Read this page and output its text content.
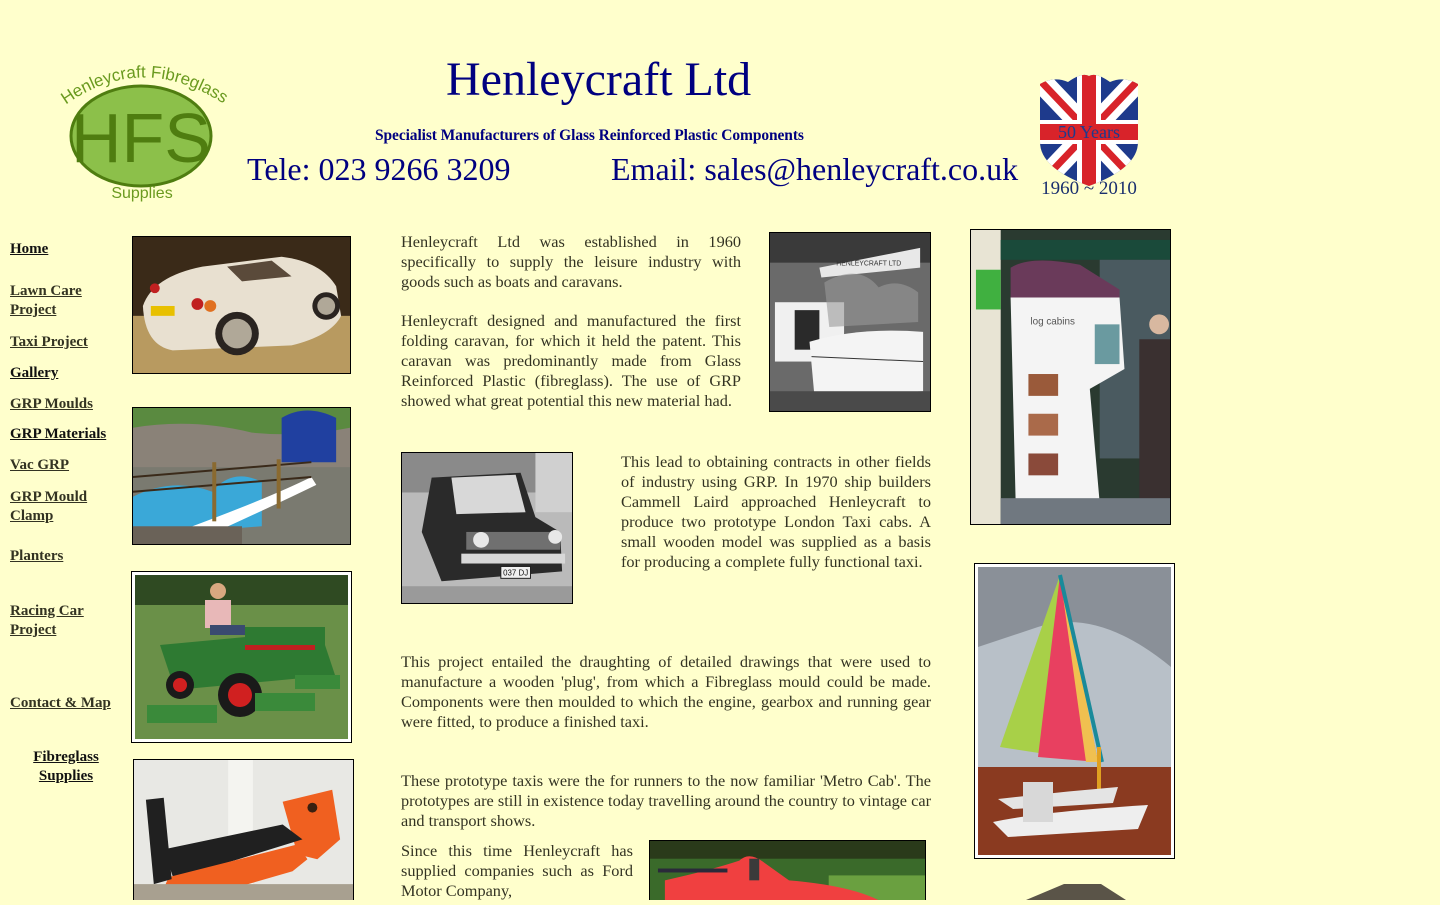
Henleycraft Fibreglass
HFS
Supplies
Henleycraft Ltd
Specialist Manufacturers of Glass Reinforced Plastic Components
Tele: 023 9266 3209	Email: sales@henleycraft.co.uk
50 Years
1960 ~ 2010
Home
Lawn Care Project
Taxi Project
Gallery
GRP Moulds
GRP Materials
Vac GRP
GRP Mould Clamp
Planters
Racing Car Project
Contact & Map
Fibreglass Supplies

Henleycraft Ltd was established in 1960 specifically to supply the leisure industry with goods such as boats and caravans.

Henleycraft designed and manufactured the first folding caravan, for which it held the patent. This caravan was predominantly made from Glass Reinforced Plastic (fibreglass). The use of GRP showed what great potential this new material had.

HENLEYCRAFT LTD
037 DJ

This lead to obtaining contracts in other fields of industry using GRP. In 1970 ship builders Cammell Laird approached Henleycraft to produce two prototype London Taxi cabs. A small wooden model was supplied as a basis for producing a complete fully functional taxi.

This project entailed the draughting of detailed drawings that were used to manufacture a wooden 'plug', from which a Fibreglass mould could be made. Components were then moulded to which the engine, gearbox and running gear were fitted, to produce a finished taxi.

These prototype taxis were the for runners to the now familiar 'Metro Cab'. The prototypes are still in existence today travelling around the country to vintage car and transport shows.

Since this time Henleycraft has supplied companies such as Ford Motor Company,

log cabins
